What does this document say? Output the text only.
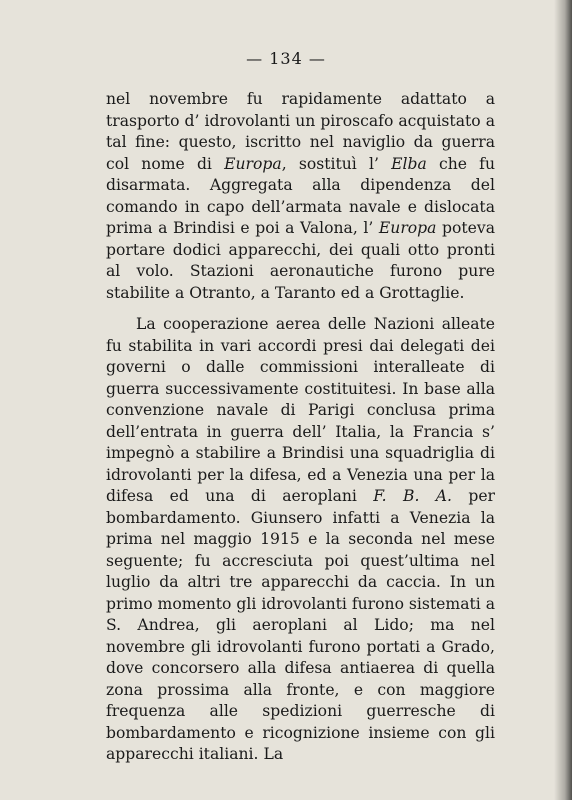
— 134 —

nel novembre fu rapidamente adattato a trasporto d’ idrovolanti un piroscafo acquistato a tal fine: questo, iscritto nel naviglio da guerra col nome di Europa, sostituì l’ Elba che fu disarmata. Aggregata alla dipendenza del comando in capo dell’armata navale e dislocata prima a Brindisi e poi a Valona, l’ Europa poteva portare dodici apparecchi, dei quali otto pronti al volo. Stazioni aeronautiche furono pure stabilite a Otranto, a Taranto ed a Grottaglie.

La cooperazione aerea delle Nazioni alleate fu stabilita in vari accordi presi dai delegati dei governi o dalle commissioni interalleate di guerra successivamente costituitesi. In base alla convenzione navale di Parigi conclusa prima dell’entrata in guerra dell’ Italia, la Francia s’ impegnò a stabilire a Brindisi una squadriglia di idrovolanti per la difesa, ed a Venezia una per la difesa ed una di aeroplani F. B. A. per bombardamento. Giunsero infatti a Venezia la prima nel maggio 1915 e la seconda nel mese seguente; fu accresciuta poi quest’ultima nel luglio da altri tre apparecchi da caccia. In un primo momento gli idrovolanti furono sistemati a S. Andrea, gli aeroplani al Lido; ma nel novembre gli idrovolanti furono portati a Grado, dove concorsero alla difesa antiaerea di quella zona prossima alla fronte, e con maggiore frequenza alle spedizioni guerresche di bombardamento e ricognizione insieme con gli apparecchi italiani. La
